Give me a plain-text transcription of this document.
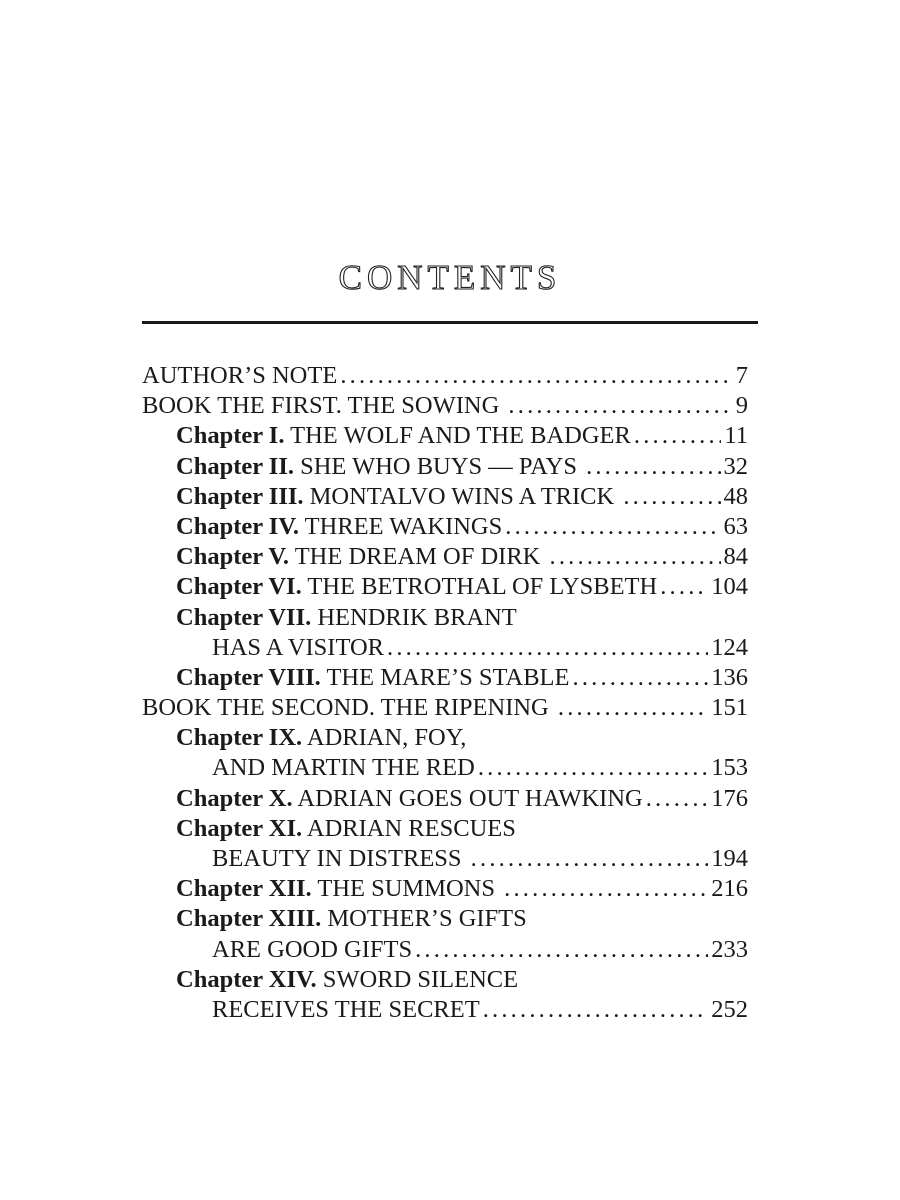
CONTENTS
AUTHOR’S NOTE .....	7
BOOK THE FIRST. THE SOWING .....	9
Chapter I. THE WOLF AND THE BADGER .....	11
Chapter II. SHE WHO BUYS — PAYS .....	32
Chapter III. MONTALVO WINS A TRICK .....	48
Chapter IV. THREE WAKINGS .....	63
Chapter V. THE DREAM OF DIRK .....	84
Chapter VI. THE BETROTHAL OF LYSBETH ..... 104
Chapter VII. HENDRIK BRANT
HAS A VISITOR .....	124
Chapter VIII. THE MARE’S STABLE .....	136
BOOK THE SECOND. THE RIPENING .....	151
Chapter IX. ADRIAN, FOY,
AND MARTIN THE RED .....	153
Chapter X. ADRIAN GOES OUT HAWKING .....	176
Chapter XI. ADRIAN RESCUES
BEAUTY IN DISTRESS .....	194
Chapter XII. THE SUMMONS .....	216
Chapter XIII. MOTHER’S GIFTS
ARE GOOD GIFTS .....	233
Chapter XIV. SWORD SILENCE
RECEIVES THE SECRET .....	252
